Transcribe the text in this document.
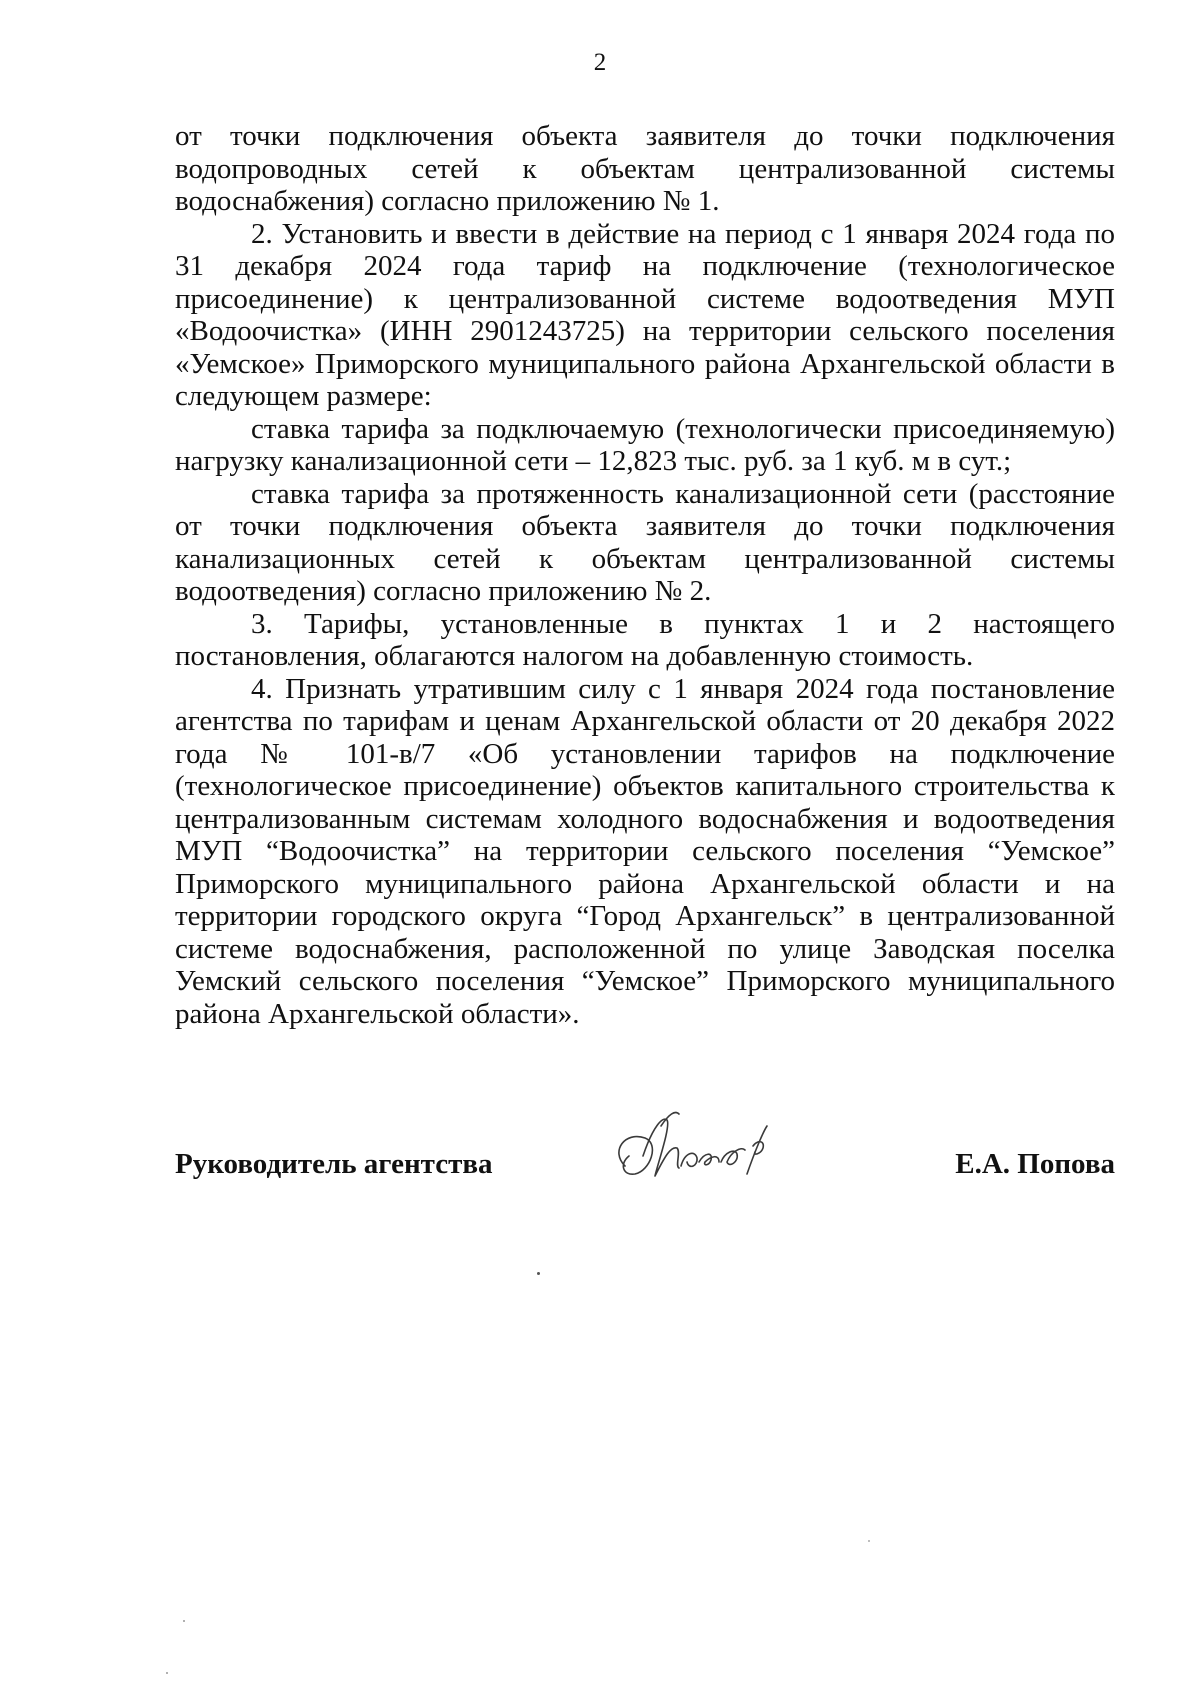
2

от точки подключения объекта заявителя до точки подключения водопроводных сетей к объектам централизованной системы водоснабжения) согласно приложению № 1.

2. Установить и ввести в действие на период с 1 января 2024 года по 31 декабря 2024 года тариф на подключение (технологическое присоединение) к централизованной системе водоотведения МУП «Водоочистка» (ИНН 2901243725) на территории сельского поселения «Уемское» Приморского муниципального района Архангельской области в следующем размере:

ставка тарифа за подключаемую (технологически присоединяемую) нагрузку канализационной сети – 12,823 тыс. руб. за 1 куб. м в сут.;

ставка тарифа за протяженность канализационной сети (расстояние от точки подключения объекта заявителя до точки подключения канализационных сетей к объектам централизованной системы водоотведения) согласно приложению № 2.

3. Тарифы, установленные в пунктах 1 и 2 настоящего постановления, облагаются налогом на добавленную стоимость.

4. Признать утратившим силу с 1 января 2024 года постановление агентства по тарифам и ценам Архангельской области от 20 декабря 2022 года № 101-в/7 «Об установлении тарифов на подключение (технологическое присоединение) объектов капитального строительства к централизованным системам холодного водоснабжения и водоотведения МУП “Водоочистка” на территории сельского поселения “Уемское” Приморского муниципального района Архангельской области и на территории городского округа “Город Архангельск” в централизованной системе водоснабжения, расположенной по улице Заводская поселка Уемский сельского поселения “Уемское” Приморского муниципального района Архангельской области».

Руководитель агентства	Е.А. Попова
